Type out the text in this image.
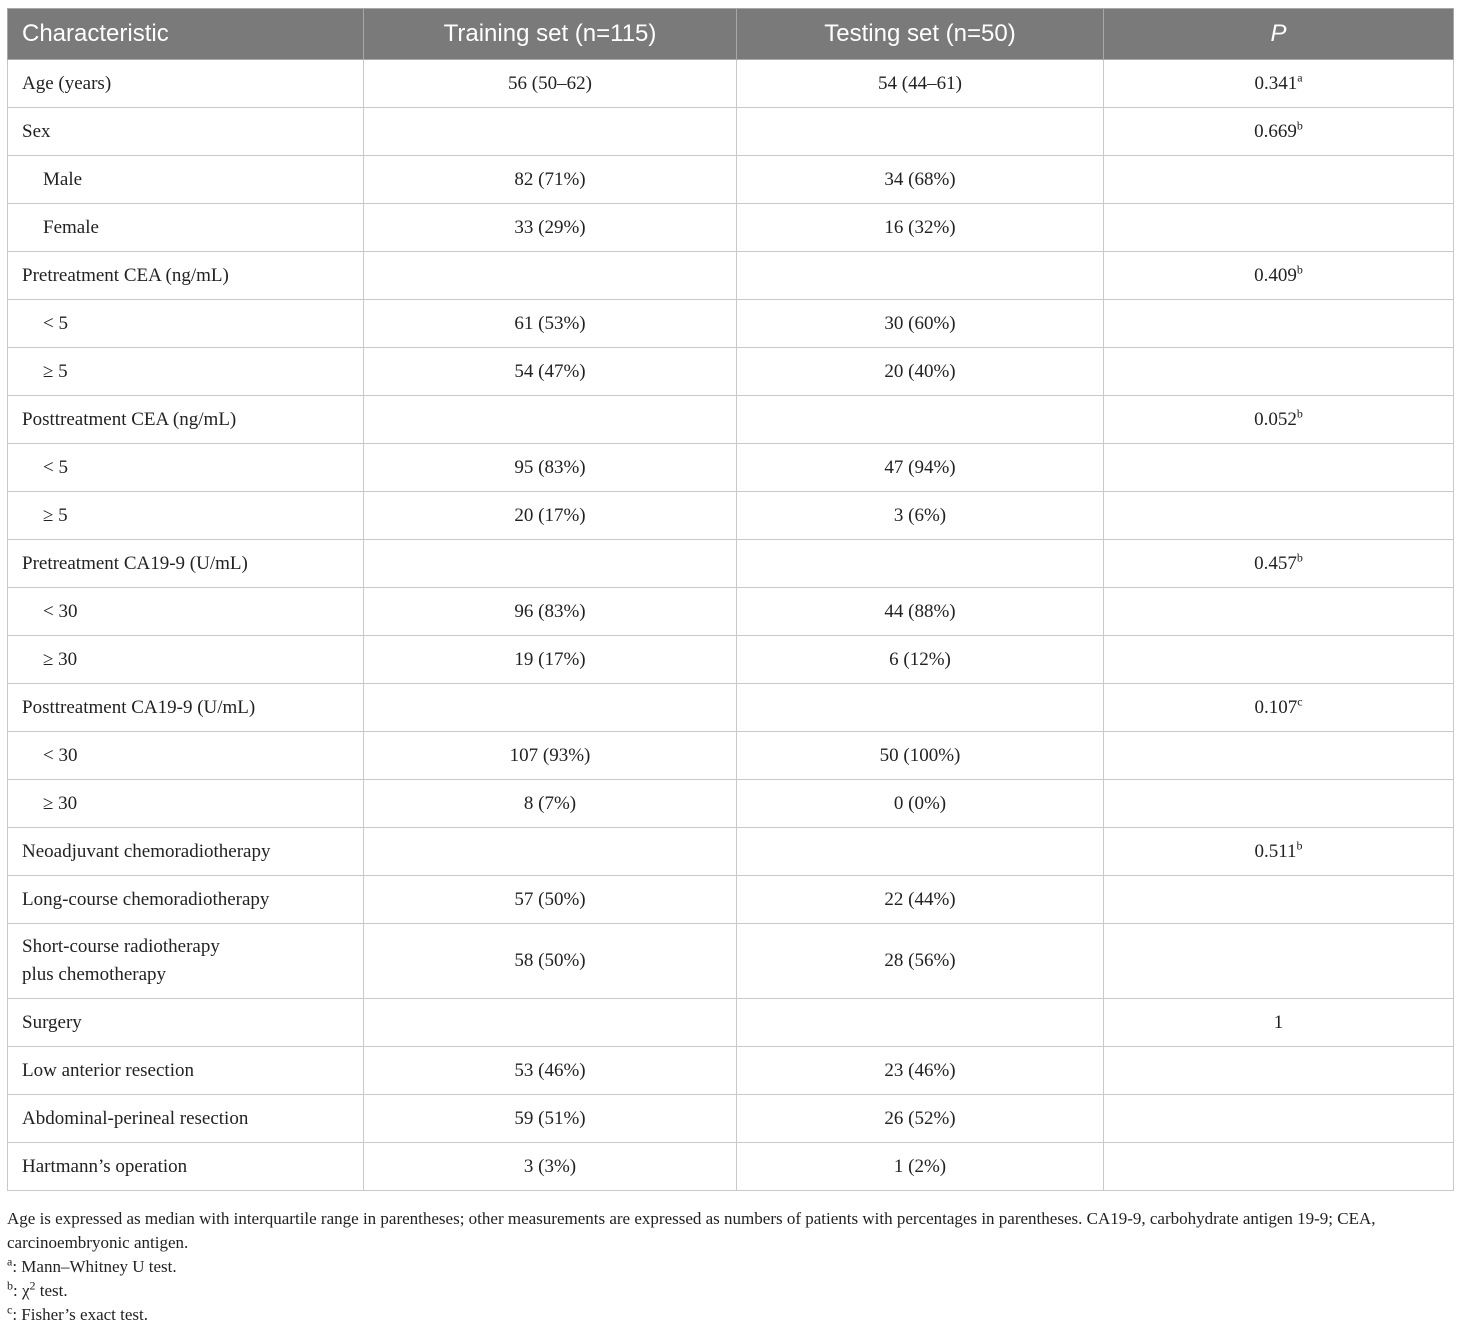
Characteristic	Training set (n=115)	Testing set (n=50)	P
Age (years)	56 (50–62)	54 (44–61)	0.341$^a$
Sex			0.669$^b$
Male	82 (71%)	34 (68%)	
Female	33 (29%)	16 (32%)	
Pretreatment CEA (ng/mL)			0.409$^b$
< 5	61 (53%)	30 (60%)	
≥ 5	54 (47%)	20 (40%)	
Posttreatment CEA (ng/mL)			0.052$^b$
< 5	95 (83%)	47 (94%)	
≥ 5	20 (17%)	3 (6%)	
Pretreatment CA19-9 (U/mL)			0.457$^b$
< 30	96 (83%)	44 (88%)	
≥ 30	19 (17%)	6 (12%)	
Posttreatment CA19-9 (U/mL)			0.107$^c$
< 30	107 (93%)	50 (100%)	
≥ 30	8 (7%)	0 (0%)	
Neoadjuvant chemoradiotherapy			0.511$^b$
Long-course chemoradiotherapy	57 (50%)	22 (44%)	

Short-course radiotherapy
plus chemotherapy	58 (50%)	28 (56%)	
Surgery			1
Low anterior resection	53 (46%)	23 (46%)	
Abdominal-perineal resection	59 (51%)	26 (52%)	
Hartmann’s operation	3 (3%)	1 (2%)	

Age is expressed as median with interquartile range in parentheses; other measurements are expressed as numbers of patients with percentages in parentheses. CA19-9, carbohydrate antigen 19-9; CEA, carcinoembryonic antigen.

$^a$: Mann–Whitney U test.

$^b$: $\chi^2$ test.

$^c$: Fisher’s exact test.
